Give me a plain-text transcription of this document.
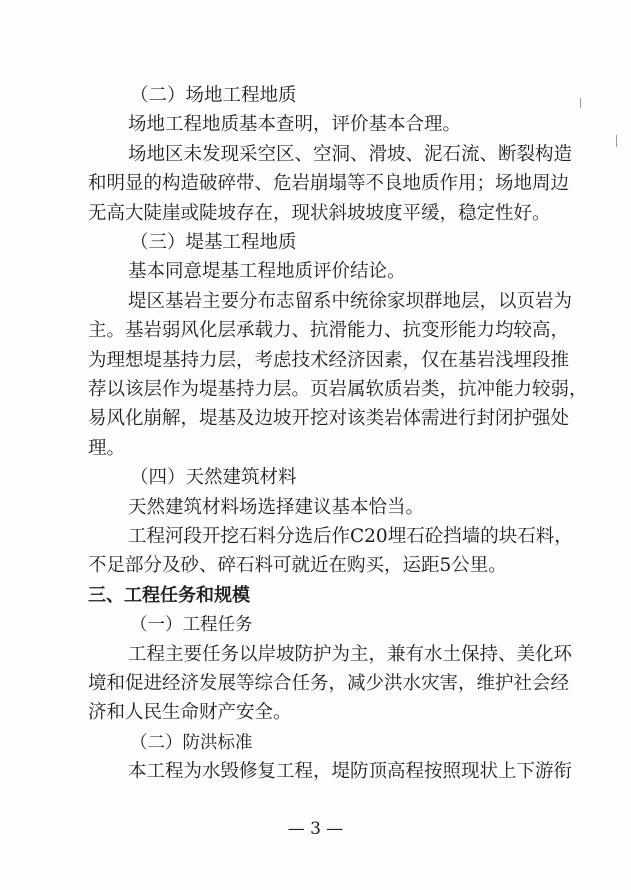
（二）场地工程地质
场地工程地质基本查明，评价基本合理。
场地区未发现采空区、空洞、滑坡、泥石流、断裂构造
和明显的构造破碎带、危岩崩塌等不良地质作用；场地周边
无高大陡崖或陡坡存在，现状斜坡坡度平缓，稳定性好。
（三）堤基工程地质
基本同意堤基工程地质评价结论。
堤区基岩主要分布志留系中统徐家坝群地层，以页岩为
主。基岩弱风化层承载力、抗滑能力、抗变形能力均较高，
为理想堤基持力层，考虑技术经济因素，仅在基岩浅埋段推
荐以该层作为堤基持力层。页岩属软质岩类，抗冲能力较弱，
易风化崩解，堤基及边坡开挖对该类岩体需进行封闭护强处
理。
（四）天然建筑材料
天然建筑材料场选择建议基本恰当。
工程河段开挖石料分选后作C20埋石砼挡墙的块石料，
不足部分及砂、碎石料可就近在购买，运距5公里。
三、工程任务和规模
（一）工程任务
工程主要任务以岸坡防护为主，兼有水土保持、美化环
境和促进经济发展等综合任务，减少洪水灾害，维护社会经
济和人民生命财产安全。
（二）防洪标准
本工程为水毁修复工程，堤防顶高程按照现状上下游衔
— 3 —
